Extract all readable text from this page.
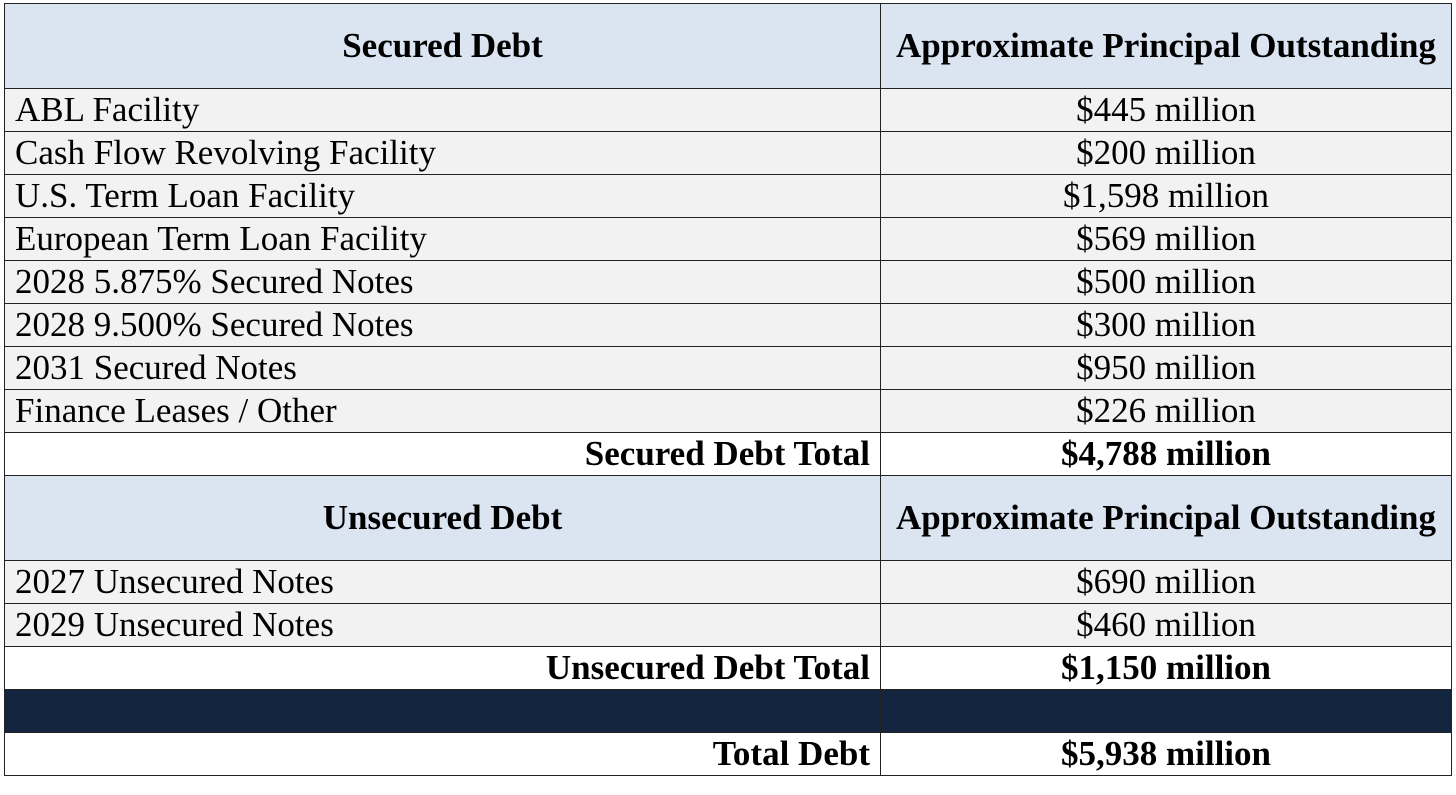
Secured Debt	Approximate Principal Outstanding
ABL Facility	$445 million
Cash Flow Revolving Facility	$200 million
U.S. Term Loan Facility	$1,598 million
European Term Loan Facility	$569 million
2028 5.875% Secured Notes	$500 million
2028 9.500% Secured Notes	$300 million
2031 Secured Notes	$950 million
Finance Leases / Other	$226 million
Secured Debt Total	$4,788 million
Unsecured Debt	Approximate Principal Outstanding
2027 Unsecured Notes	$690 million
2029 Unsecured Notes	$460 million
Unsecured Debt Total	$1,150 million

Total Debt	$5,938 million
